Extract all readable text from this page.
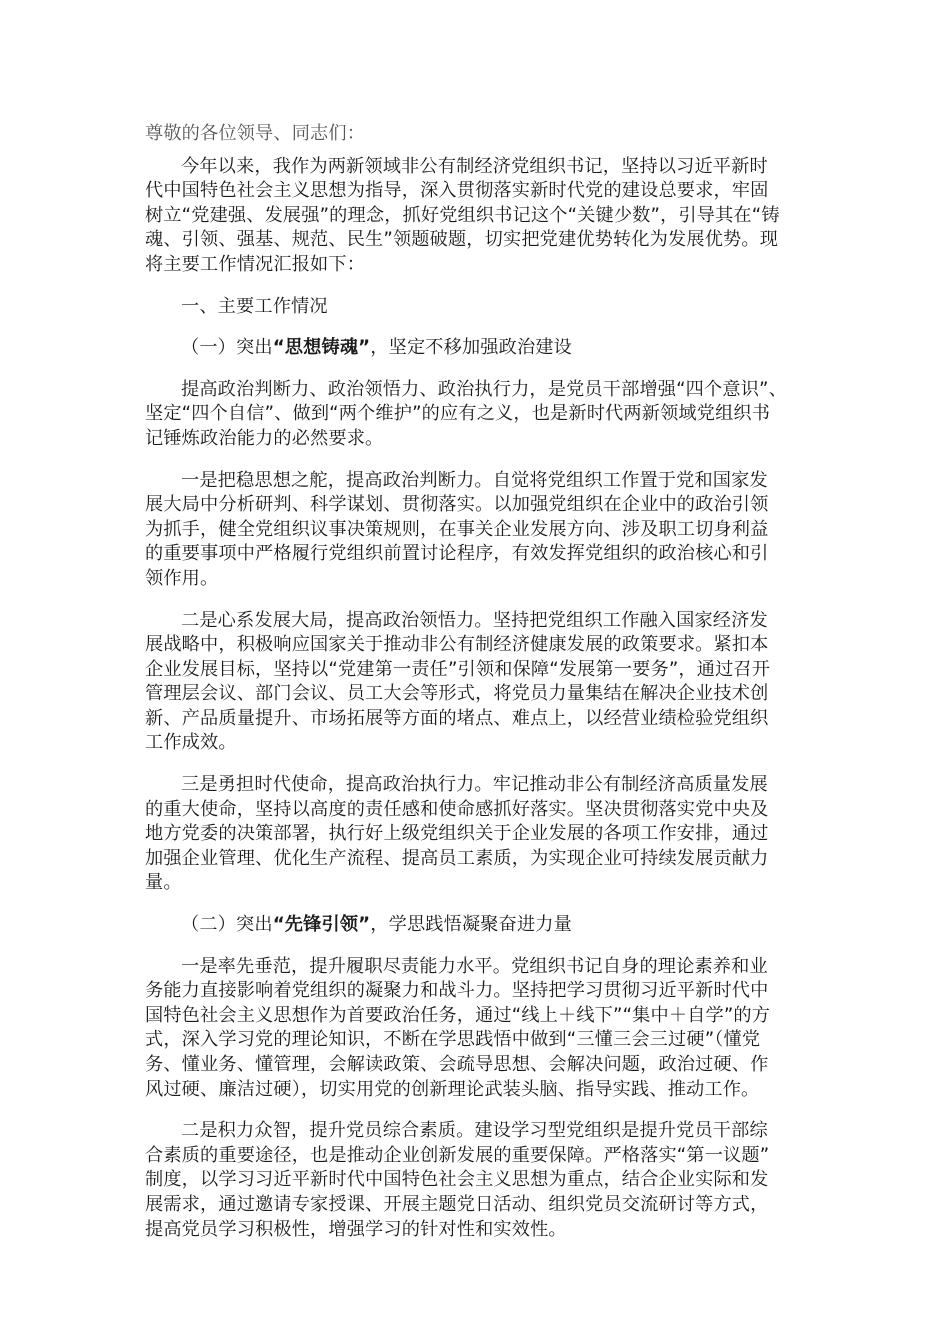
尊敬的各位领导、同志们：
今年以来，我作为两新领域非公有制经济党组织书记，坚持以习近平新时
代中国特色社会主义思想为指导，深入贯彻落实新时代党的建设总要求，牢固
树立“党建强、发展强”的理念，抓好党组织书记这个“关键少数”，引导其在“铸
魂、引领、强基、规范、民生”领题破题，切实把党建优势转化为发展优势。现
将主要工作情况汇报如下：
一、主要工作情况
（一）突出“思想铸魂”，坚定不移加强政治建设
提高政治判断力、政治领悟力、政治执行力，是党员干部增强“四个意识”、
坚定“四个自信”、做到“两个维护”的应有之义，也是新时代两新领域党组织书
记锤炼政治能力的必然要求。
一是把稳思想之舵，提高政治判断力。自觉将党组织工作置于党和国家发
展大局中分析研判、科学谋划、贯彻落实。以加强党组织在企业中的政治引领
为抓手，健全党组织议事决策规则，在事关企业发展方向、涉及职工切身利益
的重要事项中严格履行党组织前置讨论程序，有效发挥党组织的政治核心和引
领作用。
二是心系发展大局，提高政治领悟力。坚持把党组织工作融入国家经济发
展战略中，积极响应国家关于推动非公有制经济健康发展的政策要求。紧扣本
企业发展目标，坚持以“党建第一责任”引领和保障“发展第一要务”，通过召开
管理层会议、部门会议、员工大会等形式，将党员力量集结在解决企业技术创
新、产品质量提升、市场拓展等方面的堵点、难点上，以经营业绩检验党组织
工作成效。
三是勇担时代使命，提高政治执行力。牢记推动非公有制经济高质量发展
的重大使命，坚持以高度的责任感和使命感抓好落实。坚决贯彻落实党中央及
地方党委的决策部署，执行好上级党组织关于企业发展的各项工作安排，通过
加强企业管理、优化生产流程、提高员工素质，为实现企业可持续发展贡献力
量。
（二）突出“先锋引领”，学思践悟凝聚奋进力量
一是率先垂范，提升履职尽责能力水平。党组织书记自身的理论素养和业
务能力直接影响着党组织的凝聚力和战斗力。坚持把学习贯彻习近平新时代中
国特色社会主义思想作为首要政治任务，通过“线上＋线下”“集中＋自学”的方
式，深入学习党的理论知识，不断在学思践悟中做到“三懂三会三过硬”（懂党
务、懂业务、懂管理，会解读政策、会疏导思想、会解决问题，政治过硬、作
风过硬、廉洁过硬），切实用党的创新理论武装头脑、指导实践、推动工作。
二是积力众智，提升党员综合素质。建设学习型党组织是提升党员干部综
合素质的重要途径，也是推动企业创新发展的重要保障。严格落实“第一议题”
制度，以学习习近平新时代中国特色社会主义思想为重点，结合企业实际和发
展需求，通过邀请专家授课、开展主题党日活动、组织党员交流研讨等方式，
提高党员学习积极性，增强学习的针对性和实效性。
